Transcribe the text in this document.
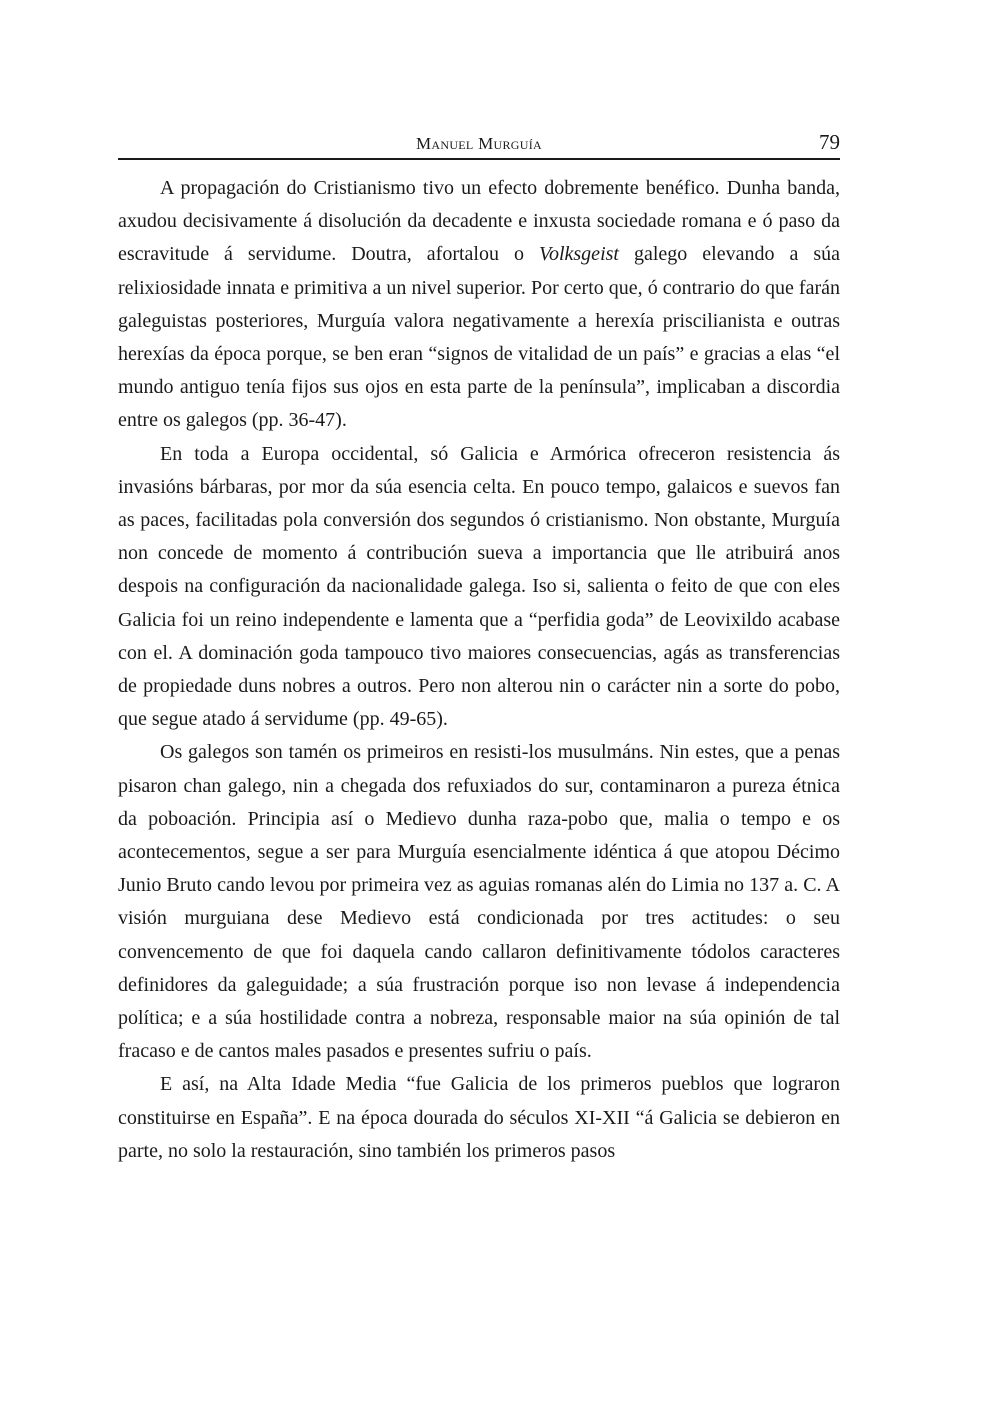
Manuel Murguía	79

A propagación do Cristianismo tivo un efecto dobremente benéfico. Dunha banda, axudou decisivamente á disolución da decadente e inxusta sociedade romana e ó paso da escravitude á servidume. Doutra, afortalou o Volksgeist galego elevando a súa relixiosidade innata e primitiva a un nivel superior. Por certo que, ó contrario do que farán galeguistas posteriores, Murguía valora negativamente a herexía priscilianista e outras herexías da época porque, se ben eran “signos de vitalidad de un país” e gracias a elas “el mundo antiguo tenía fijos sus ojos en esta parte de la península”, implicaban a discordia entre os galegos (pp. 36-47).

En toda a Europa occidental, só Galicia e Armórica ofreceron resistencia ás invasións bárbaras, por mor da súa esencia celta. En pouco tempo, galaicos e suevos fan as paces, facilitadas pola conversión dos segundos ó cristianismo. Non obstante, Murguía non concede de momento á contribución sueva a importancia que lle atribuirá anos despois na configuración da nacionalidade galega. Iso si, salienta o feito de que con eles Galicia foi un reino independente e lamenta que a “perfidia goda” de Leovixildo acabase con el. A dominación goda tampouco tivo maiores consecuencias, agás as transferencias de propiedade duns nobres a outros. Pero non alterou nin o carácter nin a sorte do pobo, que segue atado á servidume (pp. 49-65).

Os galegos son tamén os primeiros en resisti-los musulmáns. Nin estes, que a penas pisaron chan galego, nin a chegada dos refuxiados do sur, contaminaron a pureza étnica da poboación. Principia así o Medievo dunha raza-pobo que, malia o tempo e os acontecementos, segue a ser para Murguía esencialmente idéntica á que atopou Décimo Junio Bruto cando levou por primeira vez as aguias romanas alén do Limia no 137 a. C. A visión murguiana dese Medievo está condicionada por tres actitudes: o seu convencemento de que foi daquela cando callaron definitivamente tódolos caracteres definidores da galeguidade; a súa frustración porque iso non levase á independencia política; e a súa hostilidade contra a nobreza, responsable maior na súa opinión de tal fracaso e de cantos males pasados e presentes sufriu o país.

E así, na Alta Idade Media “fue Galicia de los primeros pueblos que lograron constituirse en España”. E na época dourada do séculos XI-XII “á Galicia se debieron en parte, no solo la restauración, sino también los primeros pasos
